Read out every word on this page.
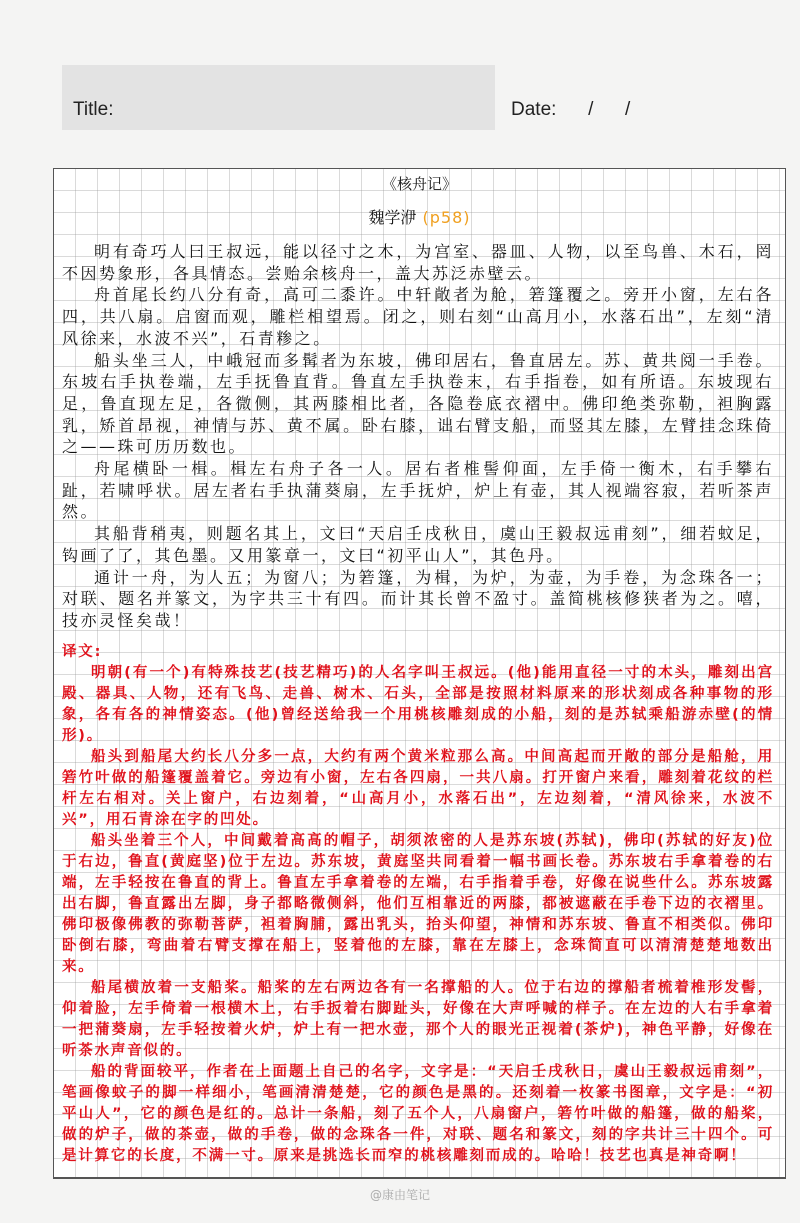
Title:	Date:      /      /
《核舟记》
魏学洢 (p58)

明有奇巧人曰王叔远，能以径寸之木，为宫室、器皿、人物，以至鸟兽、木石，罔不因势象形，各具情态。尝贻余核舟一，盖大苏泛赤壁云。

舟首尾长约八分有奇，高可二黍许。中轩敞者为舱，箬篷覆之。旁开小窗，左右各四，共八扇。启窗而观，雕栏相望焉。闭之，则右刻“山高月小，水落石出”，左刻“清风徐来，水波不兴”，石青糁之。

船头坐三人，中峨冠而多髯者为东坡，佛印居右，鲁直居左。苏、黄共阅一手卷。东坡右手执卷端，左手抚鲁直背。鲁直左手执卷末，右手指卷，如有所语。东坡现右足，鲁直现左足，各微侧，其两膝相比者，各隐卷底衣褶中。佛印绝类弥勒，袒胸露乳，矫首昂视，神情与苏、黄不属。卧右膝，诎右臂支船，而竖其左膝，左臂挂念珠倚之——珠可历历数也。

舟尾横卧一楫。楫左右舟子各一人。居右者椎髻仰面，左手倚一衡木，右手攀右趾，若啸呼状。居左者右手执蒲葵扇，左手抚炉，炉上有壶，其人视端容寂，若听茶声然。

其船背稍夷，则题名其上，文曰“天启壬戌秋日，虞山王毅叔远甫刻”，细若蚊足，钩画了了，其色墨。又用篆章一，文曰“初平山人”，其色丹。

通计一舟，为人五；为窗八；为箬篷，为楫，为炉，为壶，为手卷，为念珠各一；对联、题名并篆文，为字共三十有四。而计其长曾不盈寸。盖简桃核修狭者为之。嘻，技亦灵怪矣哉！

译文:

明朝(有一个)有特殊技艺(技艺精巧)的人名字叫王叔远。(他)能用直径一寸的木头，雕刻出宫殿、器具、人物，还有飞鸟、走兽、树木、石头，全部是按照材料原来的形状刻成各种事物的形象，各有各的神情姿态。(他)曾经送给我一个用桃核雕刻成的小船，刻的是苏轼乘船游赤壁(的情形)。

船头到船尾大约长八分多一点，大约有两个黄米粒那么高。中间高起而开敞的部分是船舱，用箬竹叶做的船篷覆盖着它。旁边有小窗，左右各四扇，一共八扇。打开窗户来看，雕刻着花纹的栏杆左右相对。关上窗户，右边刻着，“山高月小，水落石出”，左边刻着，“清风徐来，水波不兴”，用石青涂在字的凹处。

船头坐着三个人，中间戴着高高的帽子，胡须浓密的人是苏东坡(苏轼)，佛印(苏轼的好友)位于右边，鲁直(黄庭坚)位于左边。苏东坡，黄庭坚共同看着一幅书画长卷。苏东坡右手拿着卷的右端，左手轻按在鲁直的背上。鲁直左手拿着卷的左端，右手指着手卷，好像在说些什么。苏东坡露出右脚，鲁直露出左脚，身子都略微侧斜，他们互相靠近的两膝，都被遮蔽在手卷下边的衣褶里。佛印极像佛教的弥勒菩萨，袒着胸脯，露出乳头，抬头仰望，神情和苏东坡、鲁直不相类似。佛印卧倒右膝，弯曲着右臂支撑在船上，竖着他的左膝，靠在左膝上，念珠简直可以清清楚楚地数出来。

船尾横放着一支船桨。船桨的左右两边各有一名撑船的人。位于右边的撑船者梳着椎形发髻，仰着脸，左手倚着一根横木上，右手扳着右脚趾头，好像在大声呼喊的样子。在左边的人右手拿着一把蒲葵扇，左手轻按着火炉，炉上有一把水壶，那个人的眼光正视着(茶炉)，神色平静，好像在听茶水声音似的。

船的背面较平，作者在上面题上自己的名字，文字是：“天启壬戌秋日，虞山王毅叔远甫刻”，笔画像蚊子的脚一样细小，笔画清清楚楚，它的颜色是黑的。还刻着一枚篆书图章，文字是：“初平山人”，它的颜色是红的。总计一条船，刻了五个人，八扇窗户，箬竹叶做的船篷，做的船桨，做的炉子，做的茶壶，做的手卷，做的念珠各一件，对联、题名和篆文，刻的字共计三十四个。可是计算它的长度，不满一寸。原来是挑选长而窄的桃核雕刻而成的。哈哈！技艺也真是神奇啊！

@康由笔记
